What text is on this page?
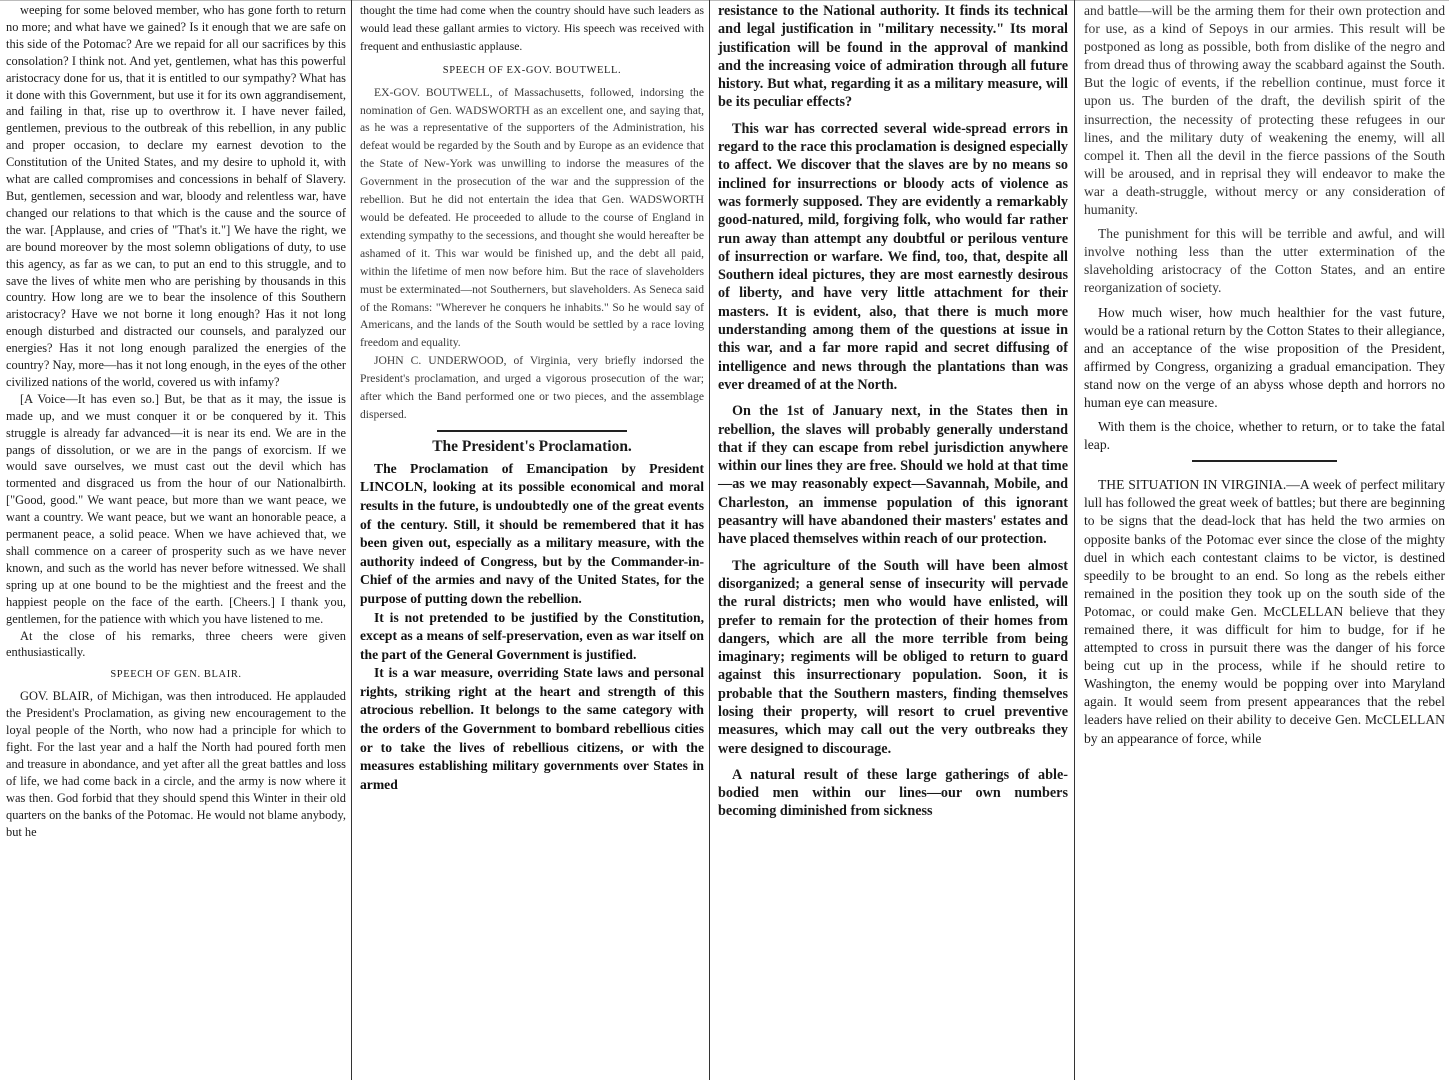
weeping for some beloved member, who has gone forth to return no more; and what have we gained? Is it enough that we are safe on this side of the Potomac? Are we repaid for all our sacrifices by this consolation? I think not. And yet, gentlemen, what has this powerful aristocracy done for us, that it is entitled to our sympathy? What has it done with this Government, but use it for its own aggrandisement, and failing in that, rise up to overthrow it. I have never failed, gentlemen, previous to the outbreak of this rebellion, in any public and proper occasion, to declare my earnest devotion to the Constitution of the United States, and my desire to uphold it, with what are called compromises and concessions in behalf of Slavery. But, gentlemen, secession and war, bloody and relentless war, have changed our relations to that which is the cause and the source of the war. [Applause, and cries of "That's it."] We have the right, we are bound moreover by the most solemn obligations of duty, to use this agency, as far as we can, to put an end to this struggle, and to save the lives of white men who are perishing by thousands in this country. How long are we to bear the insolence of this Southern aristocracy? Have we not borne it long enough? Has it not long enough disturbed and distracted our counsels, and paralyzed our energies? Has it not long enough paralized the energies of the country? Nay, more—has it not long enough, in the eyes of the other civilized nations of the world, covered us with infamy?

[A Voice—It has even so.] But, be that as it may, the issue is made up, and we must conquer it or be conquered by it. This struggle is already far advanced—it is near its end. We are in the pangs of dissolution, or we are in the pangs of exorcism. If we would save ourselves, we must cast out the devil which has tormented and disgraced us from the hour of our Nationalbirth. ["Good, good." We want peace, but more than we want peace, we want a country. We want peace, but we want an honorable peace, a permanent peace, a solid peace. When we have achieved that, we shall commence on a career of prosperity such as we have never known, and such as the world has never before witnessed. We shall spring up at one bound to be the mightiest and the freest and the happiest people on the face of the earth. [Cheers.] I thank you, gentlemen, for the patience with which you have listened to me.

At the close of his remarks, three cheers were given enthusiastically.

SPEECH OF GEN. BLAIR.

GOV. BLAIR, of Michigan, was then introduced. He applauded the President's Proclamation, as giving new encouragement to the loyal people of the North, who now had a principle for which to fight. For the last year and a half the North had poured forth men and treasure in abondance, and yet after all the great battles and loss of life, we had come back in a circle, and the army is now where it was then. God forbid that they should spend this Winter in their old quarters on the banks of the Potomac. He would not blame anybody, but he

thought the time had come when the country should have such leaders as would lead these gallant armies to victory. His speech was received with frequent and enthusiastic applause.

SPEECH OF EX-GOV. BOUTWELL.

EX-GOV. BOUTWELL, of Massachusetts, followed, indorsing the nomination of Gen. WADSWORTH as an excellent one, and saying that, as he was a representative of the supporters of the Administration, his defeat would be regarded by the South and by Europe as an evidence that the State of New-York was unwilling to indorse the measures of the Government in the prosecution of the war and the suppression of the rebellion. But he did not entertain the idea that Gen. WADSWORTH would be defeated. He proceeded to allude to the course of England in extending sympathy to the secessions, and thought she would hereafter be ashamed of it. This war would be finished up, and the debt all paid, within the lifetime of men now before him. But the race of slaveholders must be exterminated—not Southerners, but slaveholders. As Seneca said of the Romans: "Wherever he conquers he inhabits." So he would say of Americans, and the lands of the South would be settled by a race loving freedom and equality.

JOHN C. UNDERWOOD, of Virginia, very briefly indorsed the President's proclamation, and urged a vigorous prosecution of the war; after which the Band performed one or two pieces, and the assemblage dispersed.

The President's Proclamation.

The Proclamation of Emancipation by President LINCOLN, looking at its possible economical and moral results in the future, is undoubtedly one of the great events of the century. Still, it should be remembered that it has been given out, especially as a military measure, with the authority indeed of Congress, but by the Commander-in-Chief of the armies and navy of the United States, for the purpose of putting down the rebellion.

It is not pretended to be justified by the Constitution, except as a means of self-preservation, even as war itself on the part of the General Government is justified.

It is a war measure, overriding State laws and personal rights, striking right at the heart and strength of this atrocious rebellion. It belongs to the same category with the orders of the Government to bombard rebellious cities or to take the lives of rebellious citizens, or with the measures establishing military governments over States in armed

resistance to the National authority. It finds its technical and legal justification in "military necessity." Its moral justification will be found in the approval of mankind and the increasing voice of admiration through all future history. But what, regarding it as a military measure, will be its peculiar effects?

This war has corrected several wide-spread errors in regard to the race this proclamation is designed especially to affect. We discover that the slaves are by no means so inclined for insurrections or bloody acts of violence as was formerly supposed. They are evidently a remarkably good-natured, mild, forgiving folk, who would far rather run away than attempt any doubtful or perilous venture of insurrection or warfare. We find, too, that, despite all Southern ideal pictures, they are most earnestly desirous of liberty, and have very little attachment for their masters. It is evident, also, that there is much more understanding among them of the questions at issue in this war, and a far more rapid and secret diffusing of intelligence and news through the plantations than was ever dreamed of at the North.

On the 1st of January next, in the States then in rebellion, the slaves will probably generally understand that if they can escape from rebel jurisdiction anywhere within our lines they are free. Should we hold at that time—as we may reasonably expect—Savannah, Mobile, and Charleston, an immense population of this ignorant peasantry will have abandoned their masters' estates and have placed themselves within reach of our protection.

The agriculture of the South will have been almost disorganized; a general sense of insecurity will pervade the rural districts; men who would have enlisted, will prefer to remain for the protection of their homes from dangers, which are all the more terrible from being imaginary; regiments will be obliged to return to guard against this insurrectionary population. Soon, it is probable that the Southern masters, finding themselves losing their property, will resort to cruel preventive measures, which may call out the very outbreaks they were designed to discourage.

A natural result of these large gatherings of able-bodied men within our lines—our own numbers becoming diminished from sickness

and battle—will be the arming them for their own protection and for use, as a kind of Sepoys in our armies. This result will be postponed as long as possible, both from dislike of the negro and from dread thus of throwing away the scabbard against the South. But the logic of events, if the rebellion continue, must force it upon us. The burden of the draft, the devilish spirit of the insurrection, the necessity of protecting these refugees in our lines, and the military duty of weakening the enemy, will all compel it. Then all the devil in the fierce passions of the South will be aroused, and in reprisal they will endeavor to make the war a death-struggle, without mercy or any consideration of humanity.

The punishment for this will be terrible and awful, and will involve nothing less than the utter extermination of the slaveholding aristocracy of the Cotton States, and an entire reorganization of society.

How much wiser, how much healthier for the vast future, would be a rational return by the Cotton States to their allegiance, and an acceptance of the wise proposition of the President, affirmed by Congress, organizing a gradual emancipation. They stand now on the verge of an abyss whose depth and horrors no human eye can measure.

With them is the choice, whether to return, or to take the fatal leap.

THE SITUATION IN VIRGINIA.—A week of perfect military lull has followed the great week of battles; but there are beginning to be signs that the dead-lock that has held the two armies on opposite banks of the Potomac ever since the close of the mighty duel in which each contestant claims to be victor, is destined speedily to be brought to an end. So long as the rebels either remained in the position they took up on the south side of the Potomac, or could make Gen. McCLELLAN believe that they remained there, it was difficult for him to budge, for if he attempted to cross in pursuit there was the danger of his force being cut up in the process, while if he should retire to Washington, the enemy would be popping over into Maryland again. It would seem from present appearances that the rebel leaders have relied on their ability to deceive Gen. McCLELLAN by an appearance of force, while
